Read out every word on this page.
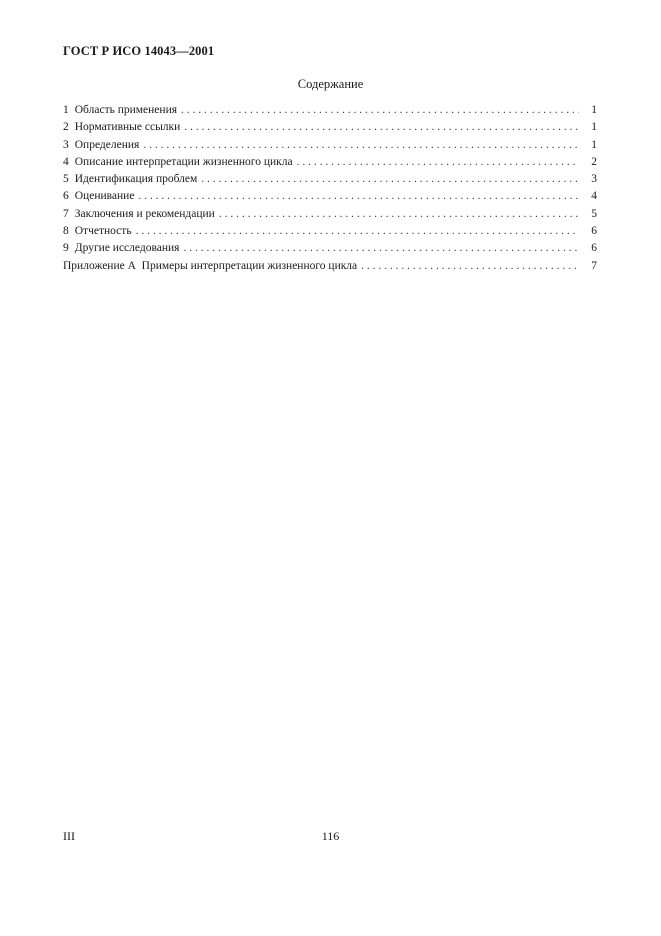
ГОСТ Р ИСО 14043—2001
Содержание
1 Область применения . . .	1
2 Нормативные ссылки . . .	1
3 Определения . . .	1
4 Описание интерпретации жизненного цикла . . .	2
5 Идентификация проблем . . .	3
6 Оценивание . . .	4
7 Заключения и рекомендации . . .	5
8 Отчетность . . .	6
9 Другие исследования . . .	6
Приложение А  Примеры интерпретации жизненного цикла . . .	7
III	116
